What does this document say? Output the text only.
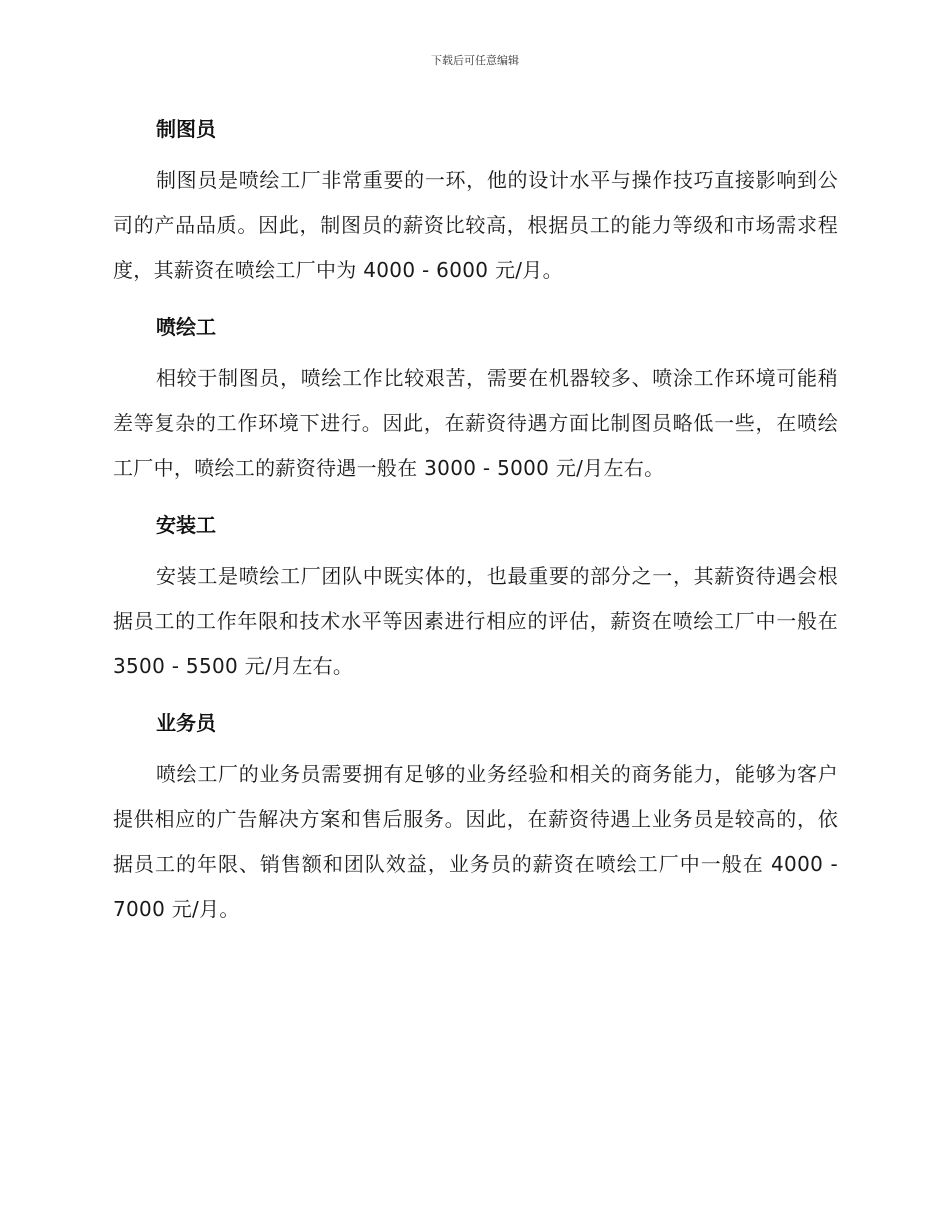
下载后可任意编辑
制图员

制图员是喷绘工厂非常重要的一环，他的设计水平与操作技巧直接影响到公司的产品品质。因此，制图员的薪资比较高，根据员工的能力等级和市场需求程度，其薪资在喷绘工厂中为 4000 - 6000 元/月。

喷绘工

相较于制图员，喷绘工作比较艰苦，需要在机器较多、喷涂工作环境可能稍差等复杂的工作环境下进行。因此，在薪资待遇方面比制图员略低一些，在喷绘工厂中，喷绘工的薪资待遇一般在 3000 - 5000 元/月左右。

安装工

安装工是喷绘工厂团队中既实体的，也最重要的部分之一，其薪资待遇会根据员工的工作年限和技术水平等因素进行相应的评估，薪资在喷绘工厂中一般在 3500 - 5500 元/月左右。

业务员

喷绘工厂的业务员需要拥有足够的业务经验和相关的商务能力，能够为客户提供相应的广告解决方案和售后服务。因此，在薪资待遇上业务员是较高的，依据员工的年限、销售额和团队效益，业务员的薪资在喷绘工厂中一般在 4000 - 7000 元/月。
